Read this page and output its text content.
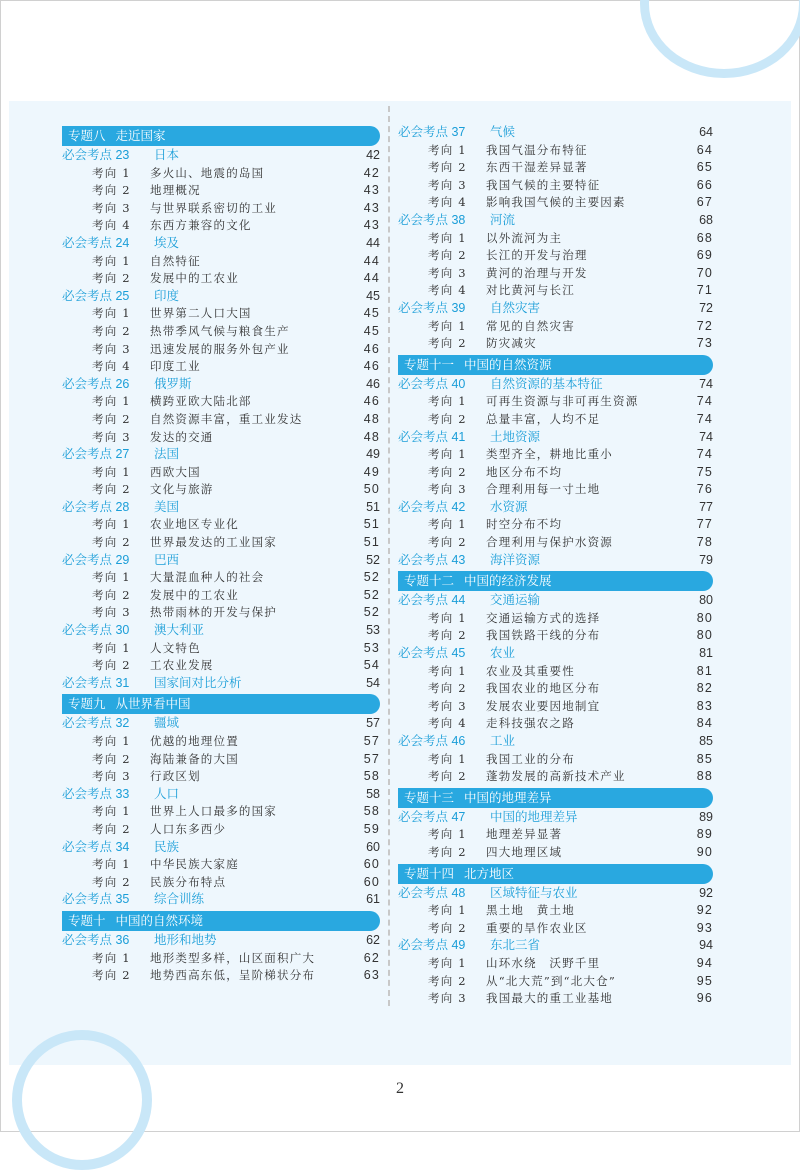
专题八 走近国家
必会考点 23 日本	42
考向 1 多火山、地震的岛国	42
考向 2 地理概况	43
考向 3 与世界联系密切的工业	43
考向 4 东西方兼容的文化	43
必会考点 24 埃及	44
考向 1 自然特征	44
考向 2 发展中的工农业	44
必会考点 25 印度	45
考向 1 世界第二人口大国	45
考向 2 热带季风气候与粮食生产	45
考向 3 迅速发展的服务外包产业	46
考向 4 印度工业	46
必会考点 26 俄罗斯	46
考向 1 横跨亚欧大陆北部	46
考向 2 自然资源丰富，重工业发达	48
考向 3 发达的交通	48
必会考点 27 法国	49
考向 1 西欧大国	49
考向 2 文化与旅游	50
必会考点 28 美国	51
考向 1 农业地区专业化	51
考向 2 世界最发达的工业国家	51
必会考点 29 巴西	52
考向 1 大量混血种人的社会	52
考向 2 发展中的工农业	52
考向 3 热带雨林的开发与保护	52
必会考点 30 澳大利亚	53
考向 1 人文特色	53
考向 2 工农业发展	54
必会考点 31 国家间对比分析	54
专题九 从世界看中国
必会考点 32 疆域	57
考向 1 优越的地理位置	57
考向 2 海陆兼备的大国	57
考向 3 行政区划	58
必会考点 33 人口	58
考向 1 世界上人口最多的国家	58
考向 2 人口东多西少	59
必会考点 34 民族	60
考向 1 中华民族大家庭	60
考向 2 民族分布特点	60
必会考点 35 综合训练	61
专题十 中国的自然环境
必会考点 36 地形和地势	62
考向 1 地形类型多样，山区面积广大	62
考向 2 地势西高东低，呈阶梯状分布	63
必会考点 37 气候	64
考向 1 我国气温分布特征	64
考向 2 东西干湿差异显著	65
考向 3 我国气候的主要特征	66
考向 4 影响我国气候的主要因素	67
必会考点 38 河流	68
考向 1 以外流河为主	68
考向 2 长江的开发与治理	69
考向 3 黄河的治理与开发	70
考向 4 对比黄河与长江	71
必会考点 39 自然灾害	72
考向 1 常见的自然灾害	72
考向 2 防灾减灾	73
专题十一 中国的自然资源
必会考点 40 自然资源的基本特征	74
考向 1 可再生资源与非可再生资源	74
考向 2 总量丰富，人均不足	74
必会考点 41 土地资源	74
考向 1 类型齐全，耕地比重小	74
考向 2 地区分布不均	75
考向 3 合理利用每一寸土地	76
必会考点 42 水资源	77
考向 1 时空分布不均	77
考向 2 合理利用与保护水资源	78
必会考点 43 海洋资源	79
专题十二 中国的经济发展
必会考点 44 交通运输	80
考向 1 交通运输方式的选择	80
考向 2 我国铁路干线的分布	80
必会考点 45 农业	81
考向 1 农业及其重要性	81
考向 2 我国农业的地区分布	82
考向 3 发展农业要因地制宜	83
考向 4 走科技强农之路	84
必会考点 46 工业	85
考向 1 我国工业的分布	85
考向 2 蓬勃发展的高新技术产业	88
专题十三 中国的地理差异
必会考点 47 中国的地理差异	89
考向 1 地理差异显著	89
考向 2 四大地理区域	90
专题十四 北方地区
必会考点 48 区域特征与农业	92
考向 1 黑土地　黄土地	92
考向 2 重要的旱作农业区	93
必会考点 49 东北三省	94
考向 1 山环水绕　沃野千里	94
考向 2 从“北大荒”到“北大仓”	95
考向 3 我国最大的重工业基地	96
2
